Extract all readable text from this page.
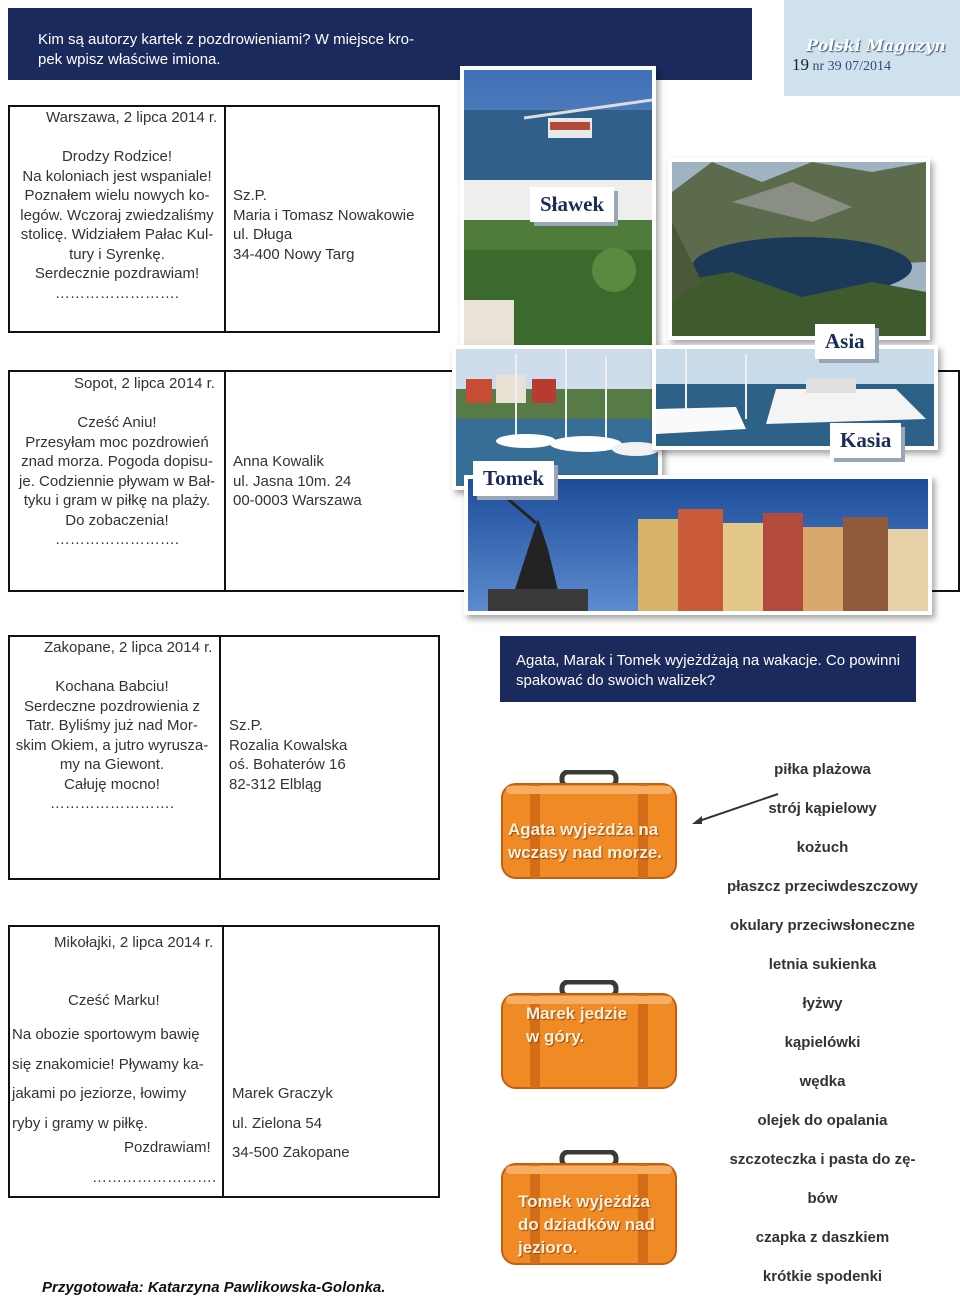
Kim są autorzy kartek z pozdrowieniami? W miejsce kro-
pek wpisz właściwe imiona.
Polski Magazyn
19 nr 39 07/2014
Warszawa, 2 lipca 2014 r.
Drodzy Rodzice!
Na koloniach jest wspaniale!
Poznałem wielu nowych ko-
legów. Wczoraj zwiedzaliśmy
stolicę. Widziałem Pałac Kul-
tury i Syrenkę.
Serdecznie pozdrawiam!
…………………….
Sz.P.
Maria i Tomasz Nowakowie
ul. Długa
34-400 Nowy Targ
Sopot, 2 lipca 2014 r.
Cześć Aniu!
Przesyłam moc pozdrowień
znad morza. Pogoda dopisu-
je. Codziennie pływam w Bał-
tyku i gram w piłkę na plaży.
Do zobaczenia!
…………………….
Anna Kowalik
ul. Jasna 10m. 24
00-0003 Warszawa
Sławek
Asia
Kasia
Tomek
Zakopane, 2 lipca 2014 r.
Kochana Babciu!
Serdeczne pozdrowienia z
Tatr. Byliśmy już nad Mor-
skim Okiem, a jutro wyrusza-
my na Giewont.
Całuję mocno!
…………………….
Sz.P.
Rozalia Kowalska
oś. Bohaterów 16
82-312 Elbląg
Mikołajki, 2 lipca 2014 r.
Cześć Marku!
Na obozie sportowym bawię
się znakomicie! Pływamy ka-
jakami po jeziorze, łowimy
ryby i gramy w piłkę.
Pozdrawiam!
…………………….
Marek Graczyk
ul. Zielona 54
34-500 Zakopane
Agata, Marak i Tomek wyjeżdżają na wakacje. Co powinni spakować do swoich walizek?
Agata wyjeżdża na wczasy nad morze.
Marek jedzie w góry.
Tomek wyjeżdża do dziadków nad jezioro.
piłka plażowa
strój kąpielowy
kożuch
płaszcz przeciwdeszczowy
okulary przeciwsłoneczne
letnia sukienka
łyżwy
kąpielówki
wędka
olejek do opalania
szczoteczka i pasta do zę-
bów
czapka z daszkiem
krótkie spodenki
Przygotowała: Katarzyna Pawlikowska-Golonka.
